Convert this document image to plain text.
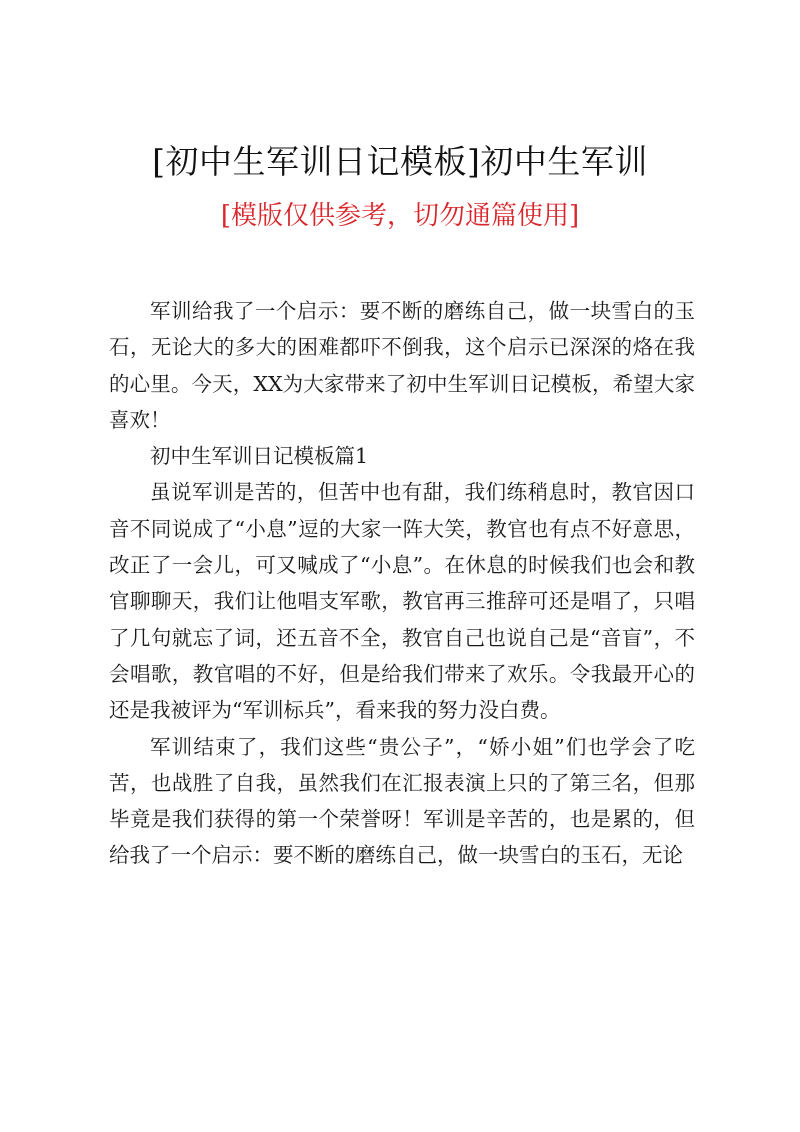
[初中生军训日记模板]初中生军训
[模版仅供参考，切勿通篇使用]

军训给我了一个启示：要不断的磨练自己，做一块雪白的玉石，无论大的多大的困难都吓不倒我，这个启示已深深的烙在我的心里。今天，XX为大家带来了初中生军训日记模板，希望大家喜欢！

初中生军训日记模板篇1

虽说军训是苦的，但苦中也有甜，我们练稍息时，教官因口音不同说成了“小息”逗的大家一阵大笑，教官也有点不好意思，改正了一会儿，可又喊成了“小息”。在休息的时候我们也会和教官聊聊天，我们让他唱支军歌，教官再三推辞可还是唱了，只唱了几句就忘了词，还五音不全，教官自己也说自己是“音盲”，不会唱歌，教官唱的不好，但是给我们带来了欢乐。令我最开心的还是我被评为“军训标兵”，看来我的努力没白费。

军训结束了，我们这些“贵公子”，“娇小姐”们也学会了吃苦，也战胜了自我，虽然我们在汇报表演上只的了第三名，但那毕竟是我们获得的第一个荣誉呀！军训是辛苦的，也是累的，但给我了一个启示：要不断的磨练自己，做一块雪白的玉石，无论
